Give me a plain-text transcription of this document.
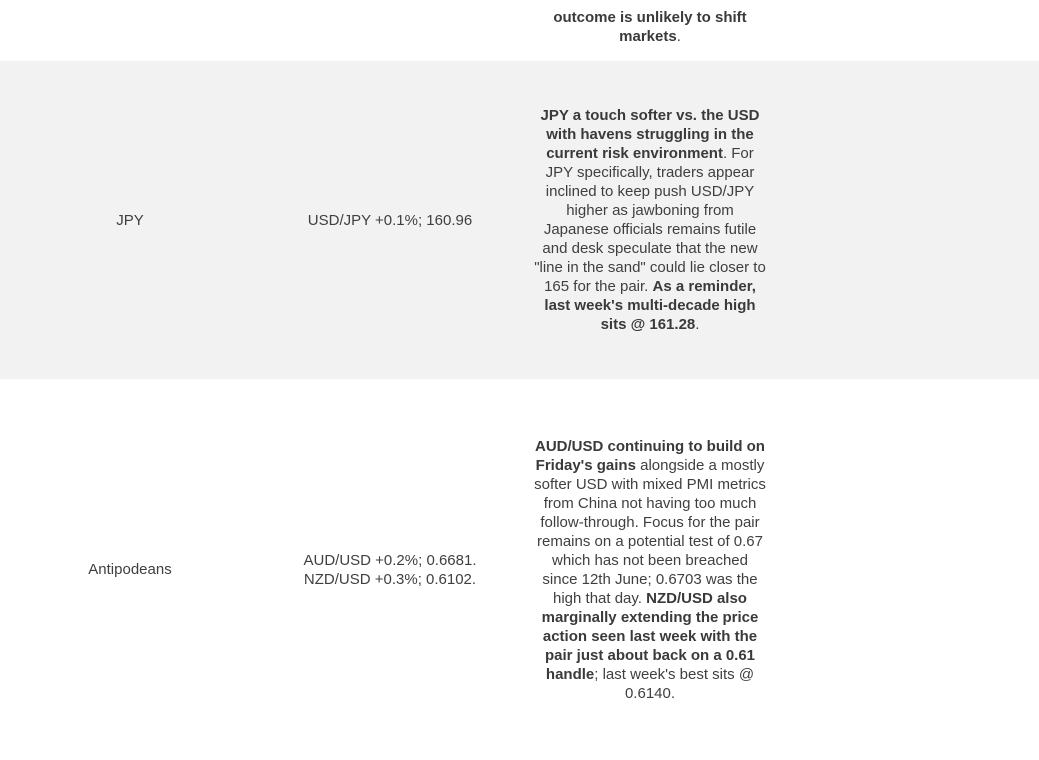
outcome is unlikely to shift markets.
JPY	USD/JPY +0.1%; 160.96
JPY a touch softer vs. the USD with havens struggling in the current risk environment. For JPY specifically, traders appear inclined to keep push USD/JPY higher as jawboning from Japanese officials remains futile and desk speculate that the new "line in the sand" could lie closer to 165 for the pair. As a reminder, last week's multi-decade high sits @ 161.28.
Antipodeans
AUD/USD +0.2%; 0.6681.
NZD/USD +0.3%; 0.6102.
AUD/USD continuing to build on Friday's gains alongside a mostly softer USD with mixed PMI metrics from China not having too much follow-through. Focus for the pair remains on a potential test of 0.67 which has not been breached since 12th June; 0.6703 was the high that day. NZD/USD also marginally extending the price action seen last week with the pair just about back on a 0.61 handle; last week's best sits @ 0.6140.
